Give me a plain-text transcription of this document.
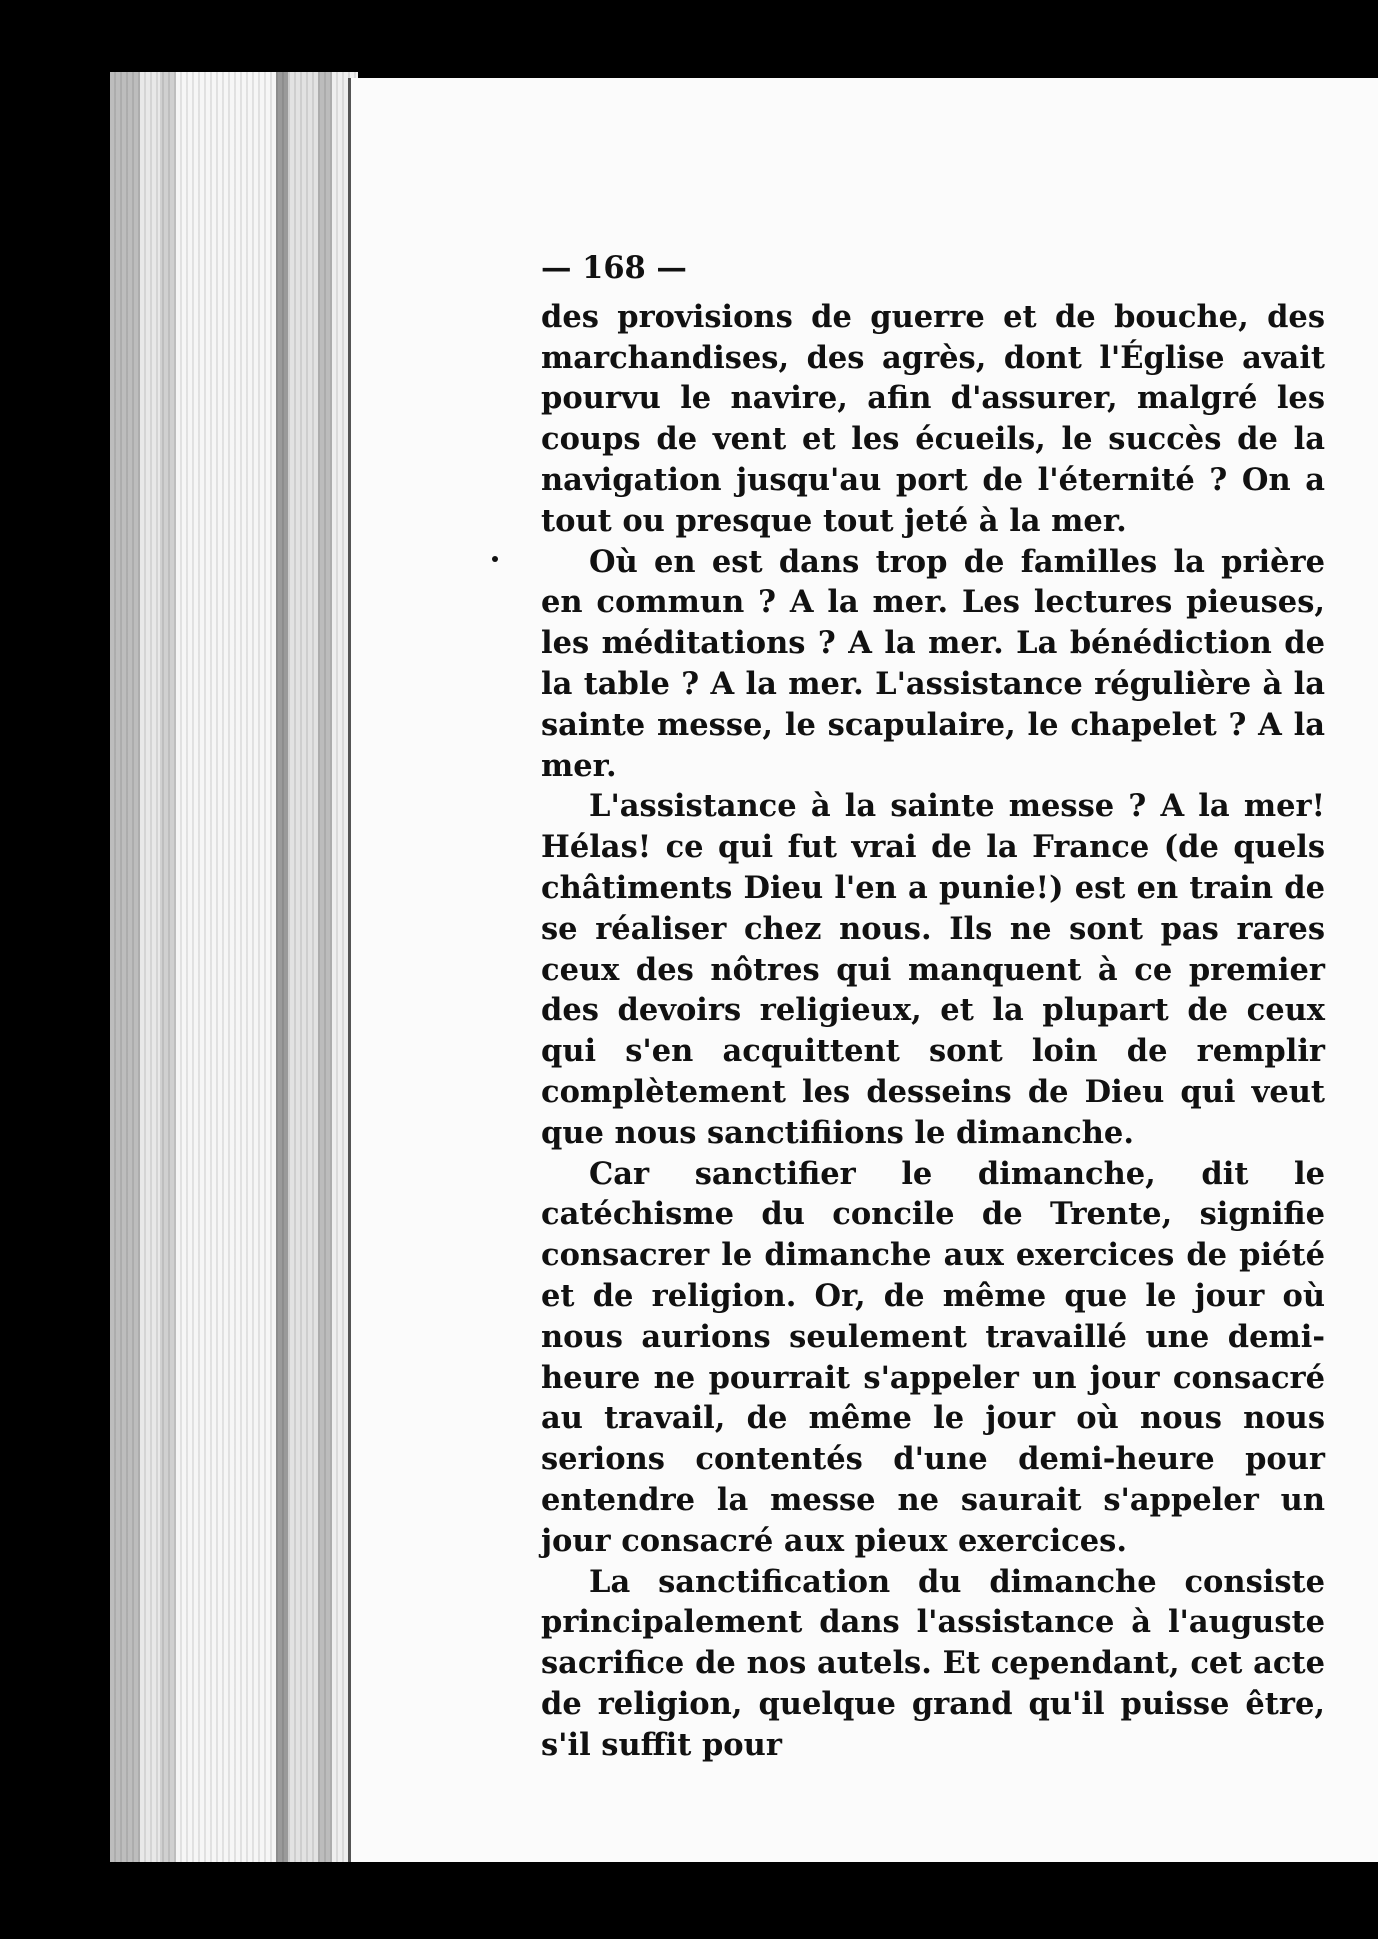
— 168 —

des provisions de guerre et de bouche, des marchandises, des agrès, dont l'Église avait pourvu le navire, afin d'assurer, malgré les coups de vent et les écueils, le succès de la navigation jusqu'au port de l'éternité ? On a tout ou presque tout jeté à la mer.

Où en est dans trop de familles la prière en commun ? A la mer. Les lectures pieuses, les méditations ? A la mer. La bénédiction de la table ? A la mer. L'assistance régulière à la sainte messe, le scapulaire, le chapelet ? A la mer.

L'assistance à la sainte messe ? A la mer! Hélas! ce qui fut vrai de la France (de quels châtiments Dieu l'en a punie!) est en train de se réaliser chez nous. Ils ne sont pas rares ceux des nôtres qui manquent à ce premier des devoirs religieux, et la plupart de ceux qui s'en acquittent sont loin de remplir complètement les desseins de Dieu qui veut que nous sanctifiions le dimanche.

Car sanctifier le dimanche, dit le catéchisme du concile de Trente, signifie consacrer le dimanche aux exercices de piété et de religion. Or, de même que le jour où nous aurions seulement travaillé une demi-heure ne pourrait s'appeler un jour consacré au travail, de même le jour où nous nous serions contentés d'une demi-heure pour entendre la messe ne saurait s'appeler un jour consacré aux pieux exercices.

La sanctification du dimanche consiste principalement dans l'assistance à l'auguste sacrifice de nos autels. Et cependant, cet acte de religion, quelque grand qu'il puisse être, s'il suffit pour
